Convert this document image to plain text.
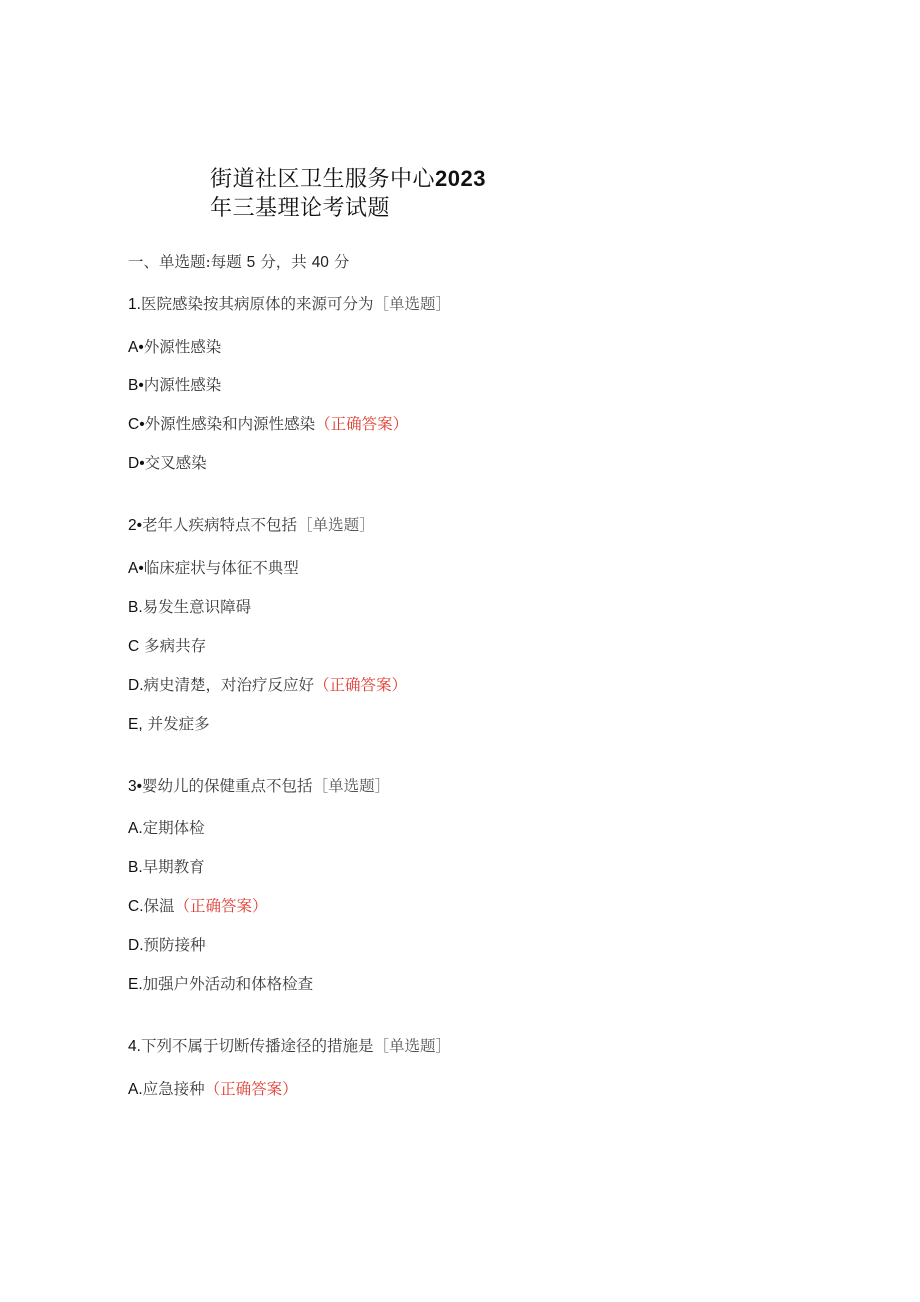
街道社区卫生服务中心2023
年三基理论考试题
一、单选题:每题 5 分，共 40 分
1.医院感染按其病原体的来源可分为［单选题］
A•外源性感染
B•内源性感染
C•外源性感染和内源性感染（正确答案）
D•交叉感染
2•老年人疾病特点不包括［单选题］
A•临床症状与体征不典型
B.易发生意识障碍
C 多病共存
D.病史清楚，对治疗反应好（正确答案）
E, 并发症多
3•婴幼儿的保健重点不包括［单选题］
A.定期体检
B.早期教育
C.保温（正确答案）
D.预防接种
E.加强户外活动和体格检查
4.下列不属于切断传播途径的措施是［单选题］
A.应急接种（正确答案）
